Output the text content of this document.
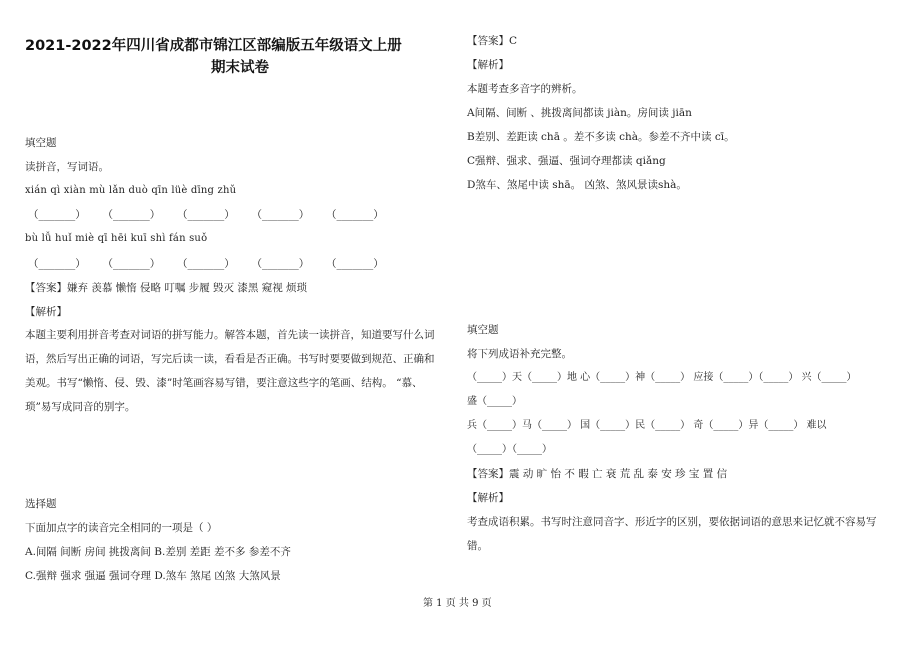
2021-2022年四川省成都市锦江区部编版五年级语文上册
期末试卷
填空题
读拼音，写词语。
xián qì xiàn mù lǎn duò qīn lüè dīng zhǔ
（_______） （_______） （_______） （_______） （_______）
bù lǚ huǐ miè qī hēi kuī shì fán suǒ
（_______） （_______） （_______） （_______） （_______）
【答案】嫌弃 羡慕 懒惰 侵略 叮嘱 步履 毁灭 漆黑 窥视 烦琐
【解析】
本题主要利用拼音考查对词语的拼写能力。解答本题，首先读一读拼音，知道要写什么词
语，然后写出正确的词语，写完后读一读，看看是否正确。书写时要要做到规范、正确和
美观。书写“懒惰、侵、毁、漆”时笔画容易写错，要注意这些字的笔画、结构。 “慕、
琐”易写成同音的别字。
选择题
下面加点字的读音完全相同的一项是（ ）
A.间隔 间断 房间 挑拨离间 B.差别 差距 差不多 参差不齐
C.强辩 强求 强逼 强词夺理 D.煞车 煞尾 凶煞 大煞风景
【答案】C
【解析】
本题考查多音字的辨析。
A间隔、间断 、挑拨离间都读 jiàn。房间读 jiān
B差别、差距读 chā 。差不多读 chà。参差不齐中读 cī。
C强辩、强求、强逼、强词夺理都读 qiǎng
D煞车、煞尾中读 shā。 凶煞、煞风景读shà。
填空题
将下列成语补充完整。
（_____）天（_____）地 心（_____）神（_____） 应接（_____）（_____） 兴（_____）
盛（_____）
兵（_____）马（_____） 国（_____）民（_____） 奇（_____）异（_____） 难以
（_____）（_____）
【答案】震 动 旷 怡 不 暇 亡 衰 荒 乱 泰 安 珍 宝 置 信
【解析】
考查成语积累。书写时注意同音字、形近字的区别，要依据词语的意思来记忆就不容易写
错。
第 1 页 共 9 页
